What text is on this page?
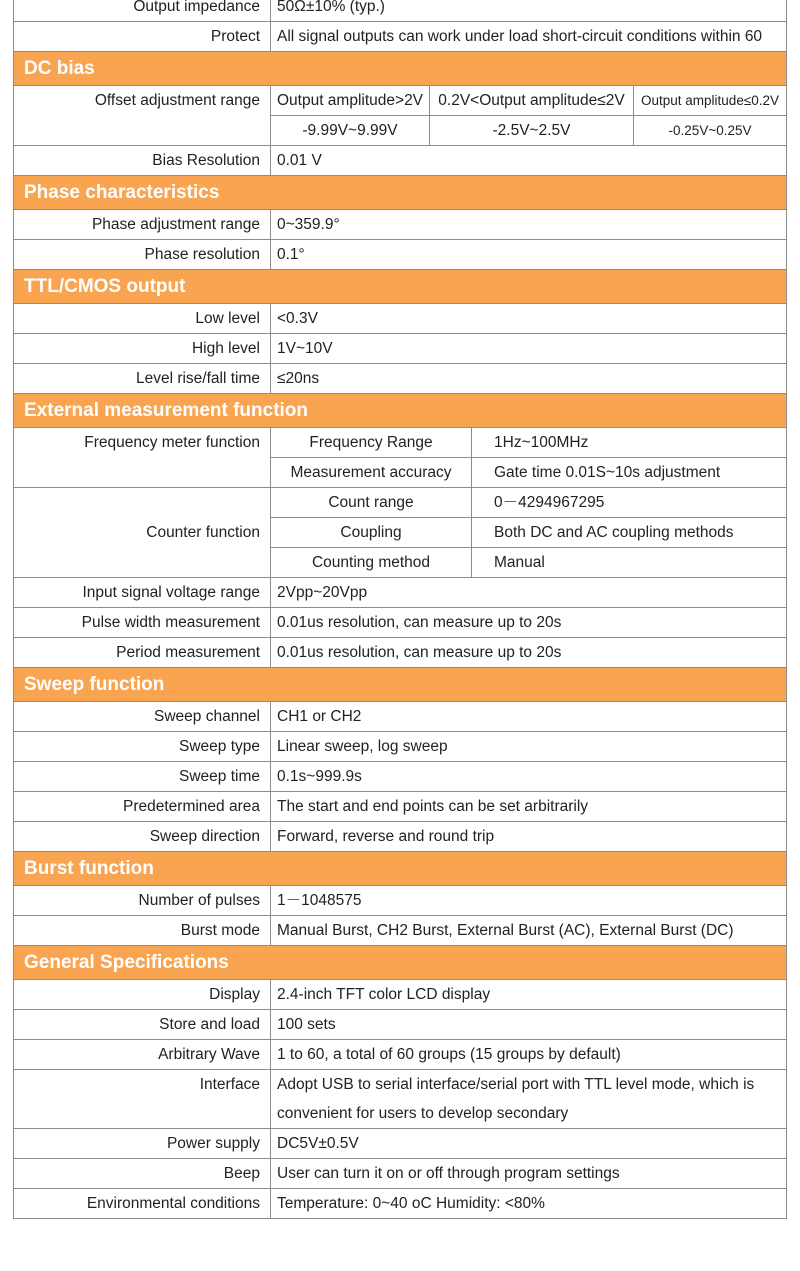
Output impedance	50Ω±10% (typ.)			
Protect	All signal outputs can work under load short-circuit conditions within 60			
DC bias				
Offset adjustment range	Output amplitude>2V	0.2V<Output amplitude≤2V		Output amplitude≤0.2V
	-9.99V~9.99V	-2.5V~2.5V		-0.25V~0.25V
Bias Resolution	0.01 V			
Phase characteristics				
Phase adjustment range	0~359.9°			
Phase resolution	0.1°			
TTL/CMOS output				
Low level	<0.3V			
High level	1V~10V			
Level rise/fall time	≤20ns			
External measurement function				
Frequency meter function	Frequency Range		1Hz~100MHz	
	Measurement accuracy		Gate time 0.01S~10s adjustment	
Counter function	Count range		0－4294967295	
	Coupling		Both DC and AC coupling methods	
	Counting method		Manual	
Input signal voltage range	2Vpp~20Vpp			
Pulse width measurement	0.01us resolution, can measure up to 20s			
Period measurement	0.01us resolution, can measure up to 20s			
Sweep function				
Sweep channel	CH1 or CH2			
Sweep type	Linear sweep, log sweep			
Sweep time	0.1s~999.9s			
Predetermined area	The start and end points can be set arbitrarily			
Sweep direction	Forward, reverse and round trip			
Burst function				
Number of pulses	1－1048575			
Burst mode	Manual Burst, CH2 Burst, External Burst (AC), External Burst (DC)			
General Specifications				
Display	2.4-inch TFT color LCD display			
Store and load	100 sets			
Arbitrary Wave	1 to 60, a total of 60 groups (15 groups by default)			
Interface	Adopt USB to serial interface/serial port with TTL level mode, which is
convenient for users to develop secondary			

Power supply	DC5V±0.5V			
Beep	User can turn it on or off through program settings			
Environmental conditions	Temperature: 0~40 oC Humidity: <80%			
